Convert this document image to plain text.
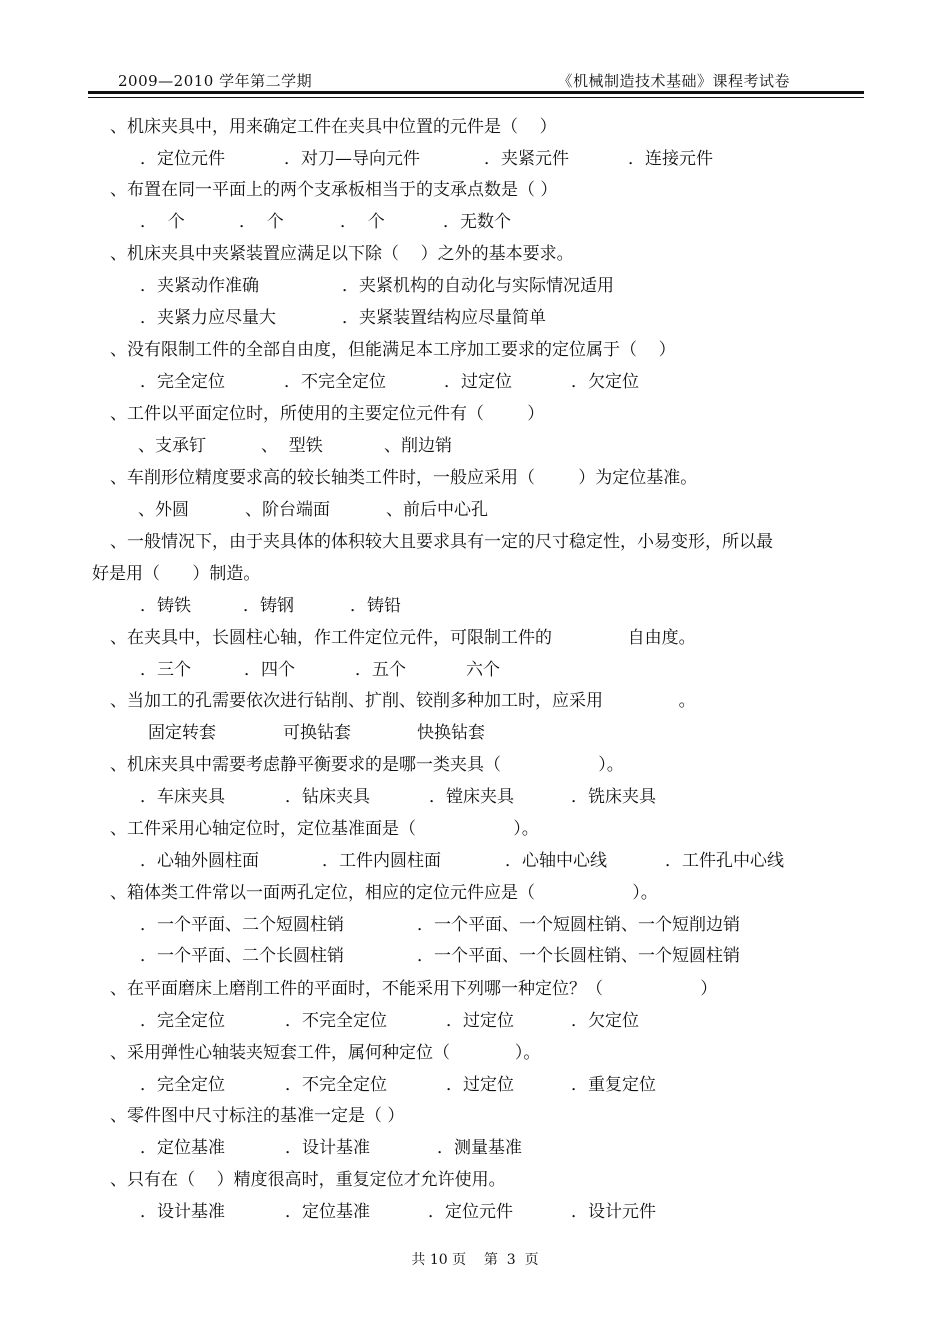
2009—2010 学年第二学期	《机械制造技术基础》课程考试卷
、机床夹具中，用来确定工件在夹具中位置的元件是（    ）
．定位元件	．对刀—导向元件	．夹紧元件	．连接元件
、布置在同一平面上的两个支承板相当于的支承点数是（ ）
．  个	．  个	．  个	．无数个
、机床夹具中夹紧装置应满足以下除（    ）之外的基本要求。
．夹紧动作准确	．夹紧机构的自动化与实际情况适用
．夹紧力应尽量大	．夹紧装置结构应尽量简单
、没有限制工件的全部自由度，但能满足本工序加工要求的定位属于（    ）
．完全定位	．不完全定位	．过定位	．欠定位
、工件以平面定位时，所使用的主要定位元件有（        ）
、支承钉	、  型铁	、削边销
、车削形位精度要求高的较长轴类工件时，一般应采用（        ）为定位基准。
、外圆	、阶台端面	、前后中心孔
、一般情况下，由于夹具体的体积较大且要求具有一定的尺寸稳定性，小易变形，所以最
好是用（      ）制造。
．铸铁	．铸钢	．铸铅
、在夹具中，长圆柱心轴，作工件定位元件，可限制工件的              自由度。
．三个	．四个	．五个	六个
、当加工的孔需要依次进行钻削、扩削、铰削多种加工时，应采用              。
固定转套	可换钻套	快换钻套
、机床夹具中需要考虑静平衡要求的是哪一类夹具（                  ）。
．车床夹具	．钻床夹具	．镗床夹具	．铣床夹具
、工件采用心轴定位时，定位基准面是（                  ）。
．心轴外圆柱面	．工件内圆柱面	．心轴中心线	．工件孔中心线
、箱体类工件常以一面两孔定位，相应的定位元件应是（                  ）。
．一个平面、二个短圆柱销	．一个平面、一个短圆柱销、一个短削边销
．一个平面、二个长圆柱销	．一个平面、一个长圆柱销、一个短圆柱销
、在平面磨床上磨削工件的平面时，不能采用下列哪一种定位？（                  ）
．完全定位	．不完全定位	．过定位	．欠定位
、采用弹性心轴装夹短套工件，属何种定位（            ）。
．完全定位	．不完全定位	．过定位	．重复定位
、零件图中尺寸标注的基准一定是（ ）
．定位基准	．设计基准	．测量基准
、只有在（    ）精度很高时，重复定位才允许使用。
．设计基准	．定位基准	．定位元件	．设计元件
共 10 页    第  3  页
